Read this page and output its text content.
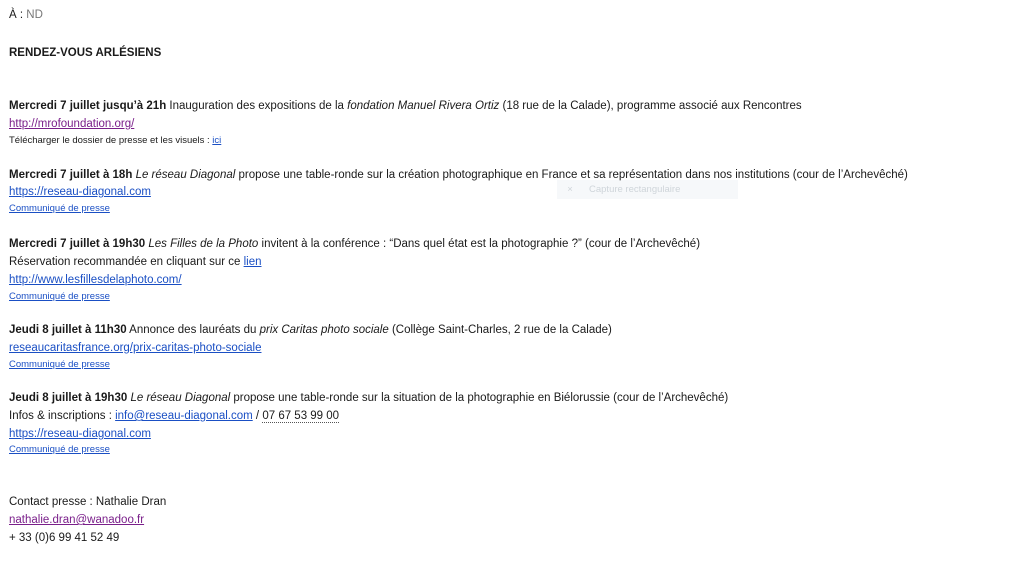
À : ND
RENDEZ-VOUS ARLÉSIENS
Mercredi 7 juillet jusqu’à 21h Inauguration des expositions de la fondation Manuel Rivera Ortiz (18 rue de la Calade), programme associé aux Rencontres
http://mrofoundation.org/
Télécharger le dossier de presse et les visuels : ici
Mercredi 7 juillet à 18h Le réseau Diagonal propose une table-ronde sur la création photographique en France et sa représentation dans nos institutions (cour de l’Archevêché)
https://reseau-diagonal.com
Communiqué de presse
Mercredi 7 juillet à 19h30 Les Filles de la Photo invitent à la conférence : “Dans quel état est la photographie ?” (cour de l’Archevêché)
Réservation recommandée en cliquant sur ce lien
http://www.lesfillesdelaphoto.com/
Communiqué de presse
Jeudi 8 juillet à 11h30 Annonce des lauréats du prix Caritas photo sociale (Collège Saint-Charles, 2 rue de la Calade)
reseaucaritasfrance.org/prix-caritas-photo-sociale
Communiqué de presse
Jeudi 8 juillet à 19h30 Le réseau Diagonal propose une table-ronde sur la situation de la photographie en Biélorussie (cour de l’Archevêché)
Infos & inscriptions : info@reseau-diagonal.com / 07 67 53 99 00
https://reseau-diagonal.com
Communiqué de presse
Contact presse : Nathalie Dran
nathalie.dran@wanadoo.fr
+ 33 (0)6 99 41 52 49
× Capture rectangulaire
